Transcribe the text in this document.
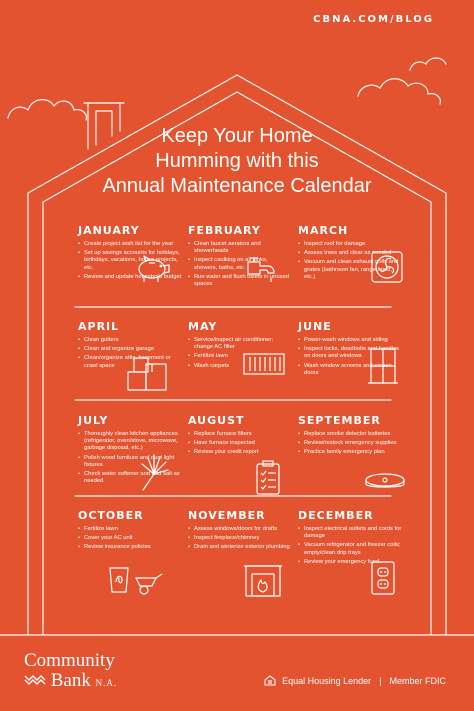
CBNA.COM/BLOG
Keep Your Home
Humming with this
Annual Maintenance Calendar
JANUARY
• Create project wish list for the year
• Set up savings accounts for holidays, birthdays, vacations, house projects, etc.
• Review and update household budget
FEBRUARY
• Clean faucet aerators and showerheads
• Inspect caulking on all sinks, showers, baths, etc.
• Run water and flush toilets in unused spaces
MARCH
• Inspect roof for damage
• Assess trees and clear as needed
• Vacuum and clean exhaust grills and grates (bathroom fan, range hood, etc.)
APRIL
• Clean gutters
• Clean and organize garage
• Clean/organize attic, basement or crawl space
MAY
• Service/inspect air conditioner; change AC filter
• Fertilize lawn
• Wash carpets
JUNE
• Power-wash windows and siding
• Inspect locks, deadbolts and handles on doors and windows
• Wash window screens and screen doors
JULY
• Thoroughly clean kitchen appliances (refrigerator, oven/stove, microwave, garbage disposal, etc.)
• Polish wood furniture and dust light fixtures
• Check water softener and add salt as needed
AUGUST
• Replace furnace filters
• Have furnace inspected
• Review your credit report
SEPTEMBER
• Replace smoke detector batteries
• Review/restock emergency supplies
• Practice family emergency plan
OCTOBER
• Fertilize lawn
• Cover your AC unit
• Review insurance policies
NOVEMBER
• Assess windows/doors for drafts
• Inspect fireplace/chimney
• Drain and winterize exterior plumbing
DECEMBER
• Inspect electrical outlets and cords for damage
• Vacuum refrigerator and freezer coils; empty/clean drip trays
• Review your emergency fund
Community
Bank N.A.	Equal Housing Lender | Member FDIC
